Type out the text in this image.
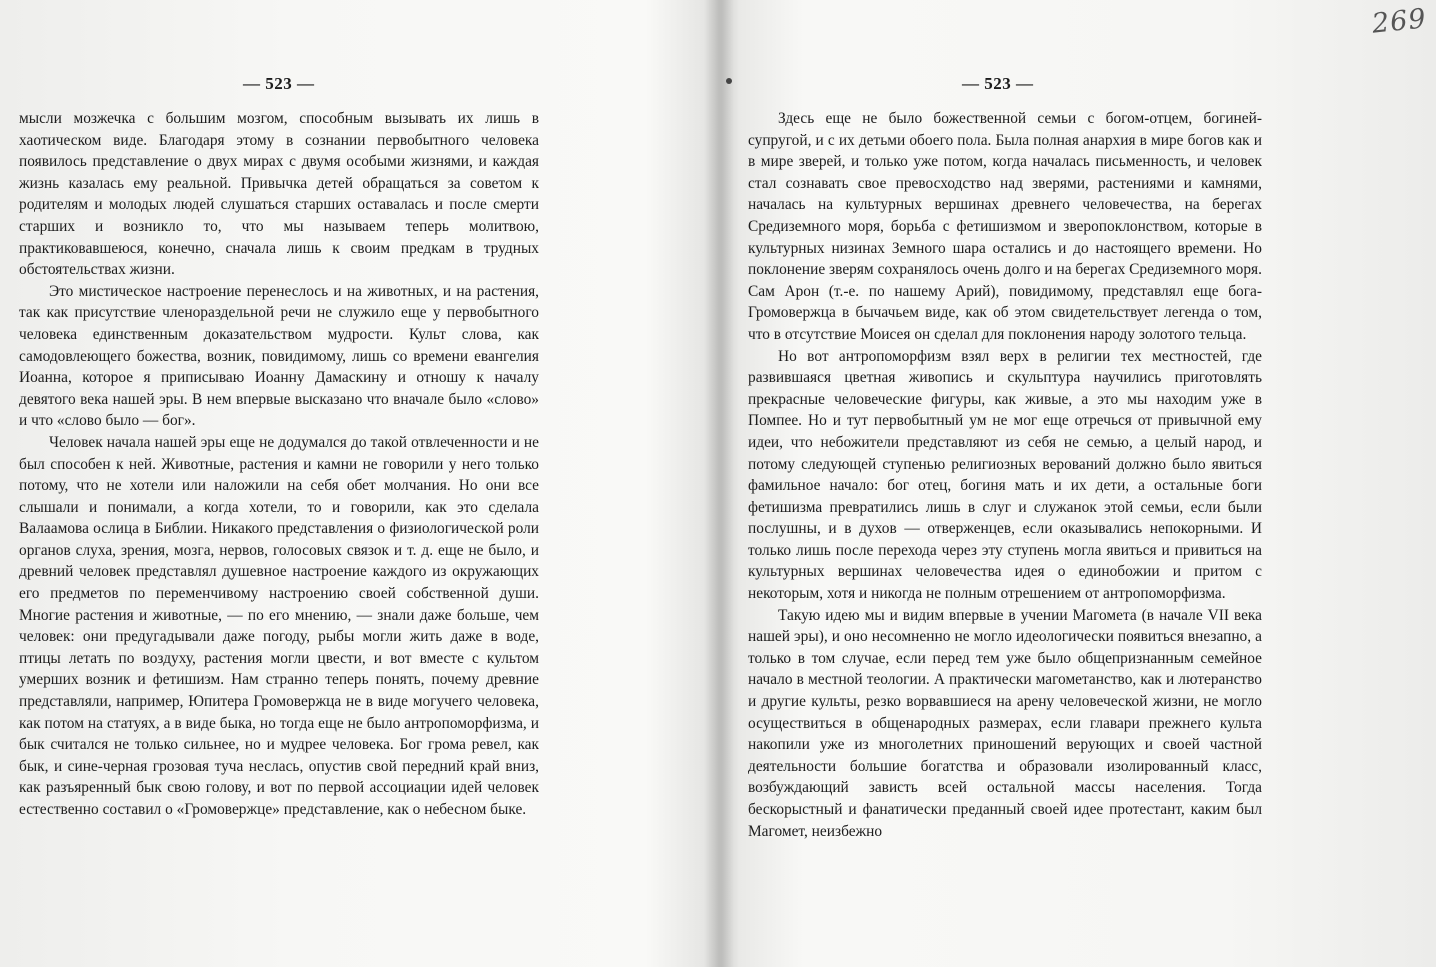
— 523 —

мысли мозжечка с большим мозгом, способным вызывать их лишь в хаотическом виде. Благодаря этому в сознании первобытного человека появилось представление о двух мирах с двумя особыми жизнями, и каждая жизнь казалась ему реальной. Привычка детей обращаться за советом к родителям и молодых людей слушаться старших оставалась и после смерти старших и возникло то, что мы называем теперь молитвою, практиковавшеюся, конечно, сначала лишь к своим предкам в трудных обстоятельствах жизни.

Это мистическое настроение перенеслось и на животных, и на растения, так как присутствие членораздельной речи не служило еще у первобытного человека единственным доказательством мудрости. Культ слова, как самодовлеющего божества, возник, повидимому, лишь со времени евангелия Иоанна, которое я приписываю Иоанну Дамаскину и отношу к началу девятого века нашей эры. В нем впервые высказано что вначале было «слово» и что «слово было — бог».

Человек начала нашей эры еще не додумался до такой отвлеченности и не был способен к ней. Животные, растения и камни не говорили у него только потому, что не хотели или наложили на себя обет молчания. Но они все слышали и понимали, а когда хотели, то и говорили, как это сделала Валаамова ослица в Библии. Никакого представления о физиологической роли органов слуха, зрения, мозга, нервов, голосовых связок и т. д. еще не было, и древний человек представлял душевное настроение каждого из окружающих его предметов по переменчивому настроению своей собственной души. Многие растения и животные, — по его мнению, — знали даже больше, чем человек: они предугадывали даже погоду, рыбы могли жить даже в воде, птицы летать по воздуху, растения могли цвести, и вот вместе с культом умерших возник и фетишизм. Нам странно теперь понять, почему древние представляли, например, Юпитера Громовержца не в виде могучего человека, как потом на статуях, а в виде быка, но тогда еще не было антропоморфизма, и бык считался не только сильнее, но и мудрее человека. Бог грома ревел, как бык, и сине-черная грозовая туча неслась, опустив свой передний край вниз, как разъяренный бык свою голову, и вот по первой ассоциации идей человек естественно составил о «Громовержце» представление, как о небесном быке.

— 523 —
269

Здесь еще не было божественной семьи с богом-отцем, богиней-супругой, и с их детьми обоего пола. Была полная анархия в мире богов как и в мире зверей, и только уже потом, когда началась письменность, и человек стал сознавать свое превосходство над зверями, растениями и камнями, началась на культурных вершинах древнего человечества, на берегах Средиземного моря, борьба с фетишизмом и зверопоклонством, которые в культурных низинах Земного шара остались и до настоящего времени. Но поклонение зверям сохранялось очень долго и на берегах Средиземного моря. Сам Арон (т.-е. по нашему Арий), повидимому, представлял еще бога-Громовержца в бычачьем виде, как об этом свидетельствует легенда о том, что в отсутствие Моисея он сделал для поклонения народу золотого тельца.

Но вот антропоморфизм взял верх в религии тех местностей, где развившаяся цветная живопись и скульптура научились приготовлять прекрасные человеческие фигуры, как живые, а это мы находим уже в Помпее. Но и тут первобытный ум не мог еще отречься от привычной ему идеи, что небожители представляют из себя не семью, а целый народ, и потому следующей ступенью религиозных верований должно было явиться фамильное начало: бог отец, богиня мать и их дети, а остальные боги фетишизма превратились лишь в слуг и служанок этой семьи, если были послушны, и в духов — отверженцев, если оказывались непокорными. И только лишь после перехода через эту ступень могла явиться и привиться на культурных вершинах человечества идея о единобожии и притом с некоторым, хотя и никогда не полным отрешением от антропоморфизма.

Такую идею мы и видим впервые в учении Магомета (в начале VII века нашей эры), и оно несомненно не могло идеологически появиться внезапно, а только в том случае, если перед тем уже было общепризнанным семейное начало в местной теологии. А практически магометанство, как и лютеранство и другие культы, резко ворвавшиеся на арену человеческой жизни, не могло осуществиться в общенародных размерах, если главари прежнего культа накопили уже из многолетних приношений верующих и своей частной деятельности большие богатства и образовали изолированный класс, возбуждающий зависть всей остальной массы населения. Тогда бескорыстный и фанатически преданный своей идее протестант, каким был Магомет, неизбежно
